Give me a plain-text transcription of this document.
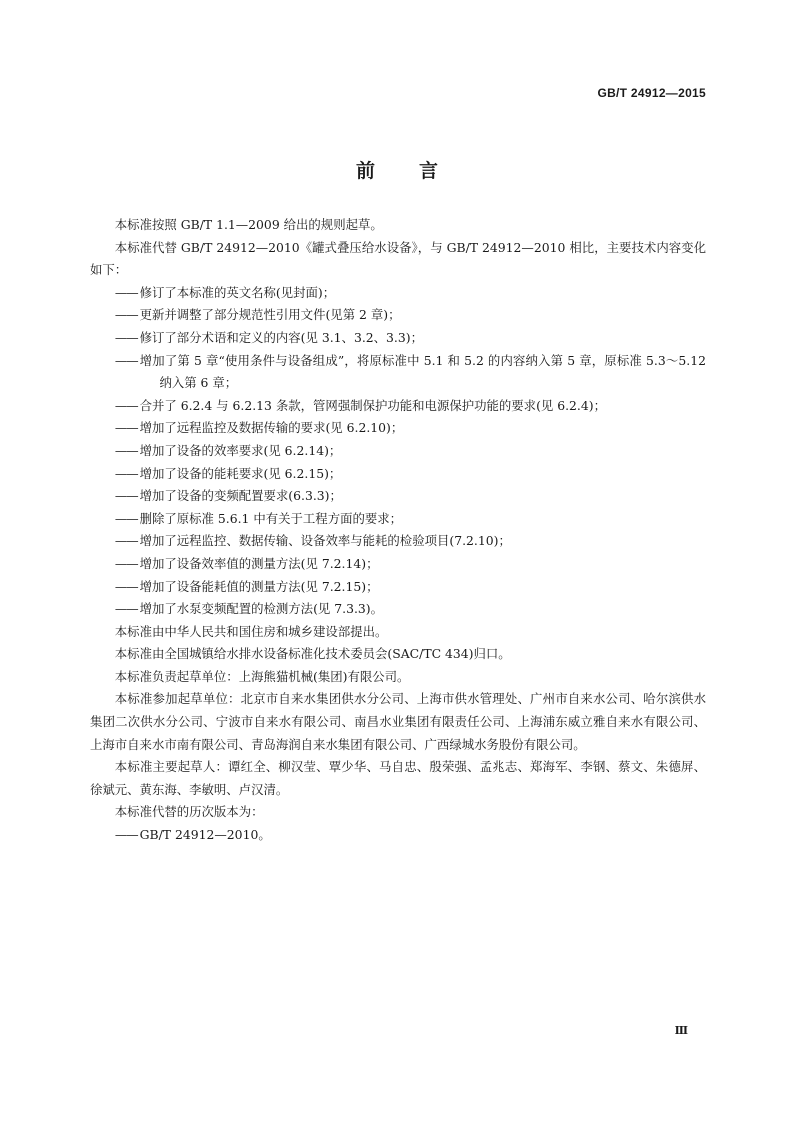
GB/T 24912—2015
前言

本标准按照 GB/T 1.1—2009 给出的规则起草。

本标准代替 GB/T 24912—2010《罐式叠压给水设备》，与 GB/T 24912—2010 相比，主要技术内容变化如下：

—— 修订了本标准的英文名称(见封面)；

—— 更新并调整了部分规范性引用文件(见第 2 章)；

—— 修订了部分术语和定义的内容(见 3.1、3.2、3.3)；

—— 增加了第 5 章“使用条件与设备组成”，将原标准中 5.1 和 5.2 的内容纳入第 5 章，原标准 5.3～5.12 纳入第 6 章；

—— 合并了 6.2.4 与 6.2.13 条款，管网强制保护功能和电源保护功能的要求(见 6.2.4)；

—— 增加了远程监控及数据传输的要求(见 6.2.10)；

—— 增加了设备的效率要求(见 6.2.14)；

—— 增加了设备的能耗要求(见 6.2.15)；

—— 增加了设备的变频配置要求(6.3.3)；

—— 删除了原标准 5.6.1 中有关于工程方面的要求；

—— 增加了远程监控、数据传输、设备效率与能耗的检验项目(7.2.10)；

—— 增加了设备效率值的测量方法(见 7.2.14)；

—— 增加了设备能耗值的测量方法(见 7.2.15)；

—— 增加了水泵变频配置的检测方法(见 7.3.3)。

本标准由中华人民共和国住房和城乡建设部提出。

本标准由全国城镇给水排水设备标准化技术委员会(SAC/TC 434)归口。

本标准负责起草单位：上海熊猫机械(集团)有限公司。

本标准参加起草单位：北京市自来水集团供水分公司、上海市供水管理处、广州市自来水公司、哈尔滨供水集团二次供水分公司、宁波市自来水有限公司、南昌水业集团有限责任公司、上海浦东威立雅自来水有限公司、上海市自来水市南有限公司、青岛海润自来水集团有限公司、广西绿城水务股份有限公司。

本标准主要起草人：谭红全、柳汉莹、覃少华、马自忠、殷荣强、孟兆志、郑海军、李钢、蔡文、朱德屏、徐斌元、黄东海、李敏明、卢汉清。

本标准代替的历次版本为：

—— GB/T 24912—2010。

Ⅲ
